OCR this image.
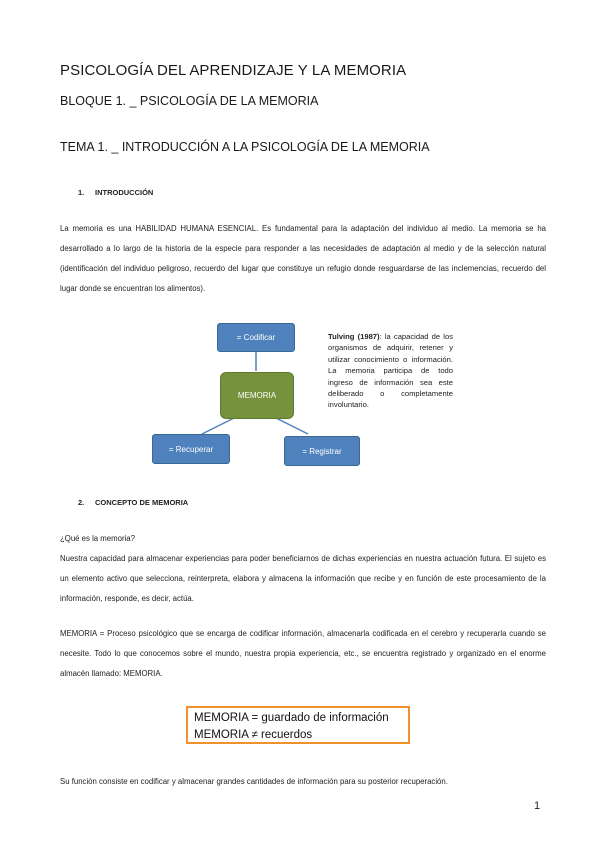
PSICOLOGÍA DEL APRENDIZAJE Y LA MEMORIA
BLOQUE 1. _ PSICOLOGÍA DE LA MEMORIA
TEMA 1. _ INTRODUCCIÓN A LA PSICOLOGÍA DE LA MEMORIA
1. INTRODUCCIÓN

La memoria es una HABILIDAD HUMANA ESENCIAL. Es fundamental para la adaptación del individuo al medio. La memoria se ha desarrollado a lo largo de la historia de la especie para responder a las necesidades de adaptación al medio y de la selección natural (identificación del individuo peligroso, recuerdo del lugar que constituye un refugio donde resguardarse de las inclemencias, recuerdo del lugar donde se encuentran los alimentos).

= Codificar
MEMORIA
= Recuperar	= Registrar
Tulving (1987): la capacidad de los organismos de adquirir, retener y utilizar conocimiento o información. La memoria participa de todo ingreso de información sea este deliberado o completamente involuntario.
2. CONCEPTO DE MEMORIA

¿Qué es la memoria?

Nuestra capacidad para almacenar experiencias para poder beneficiarnos de dichas experiencias en nuestra actuación futura. El sujeto es un elemento activo que selecciona, reinterpreta, elabora y almacena la información que recibe y en función de este procesamiento de la información, responde, es decir, actúa.

MEMORIA = Proceso psicológico que se encarga de codificar información, almacenarla codificada en el cerebro y recuperarla cuando se necesite. Todo lo que conocemos sobre el mundo, nuestra propia experiencia, etc., se encuentra registrado y organizado en el enorme almacén llamado: MEMORIA.

MEMORIA = guardado de información
MEMORIA ≠ recuerdos

Su función consiste en codificar y almacenar grandes cantidades de información para su posterior recuperación.

1
